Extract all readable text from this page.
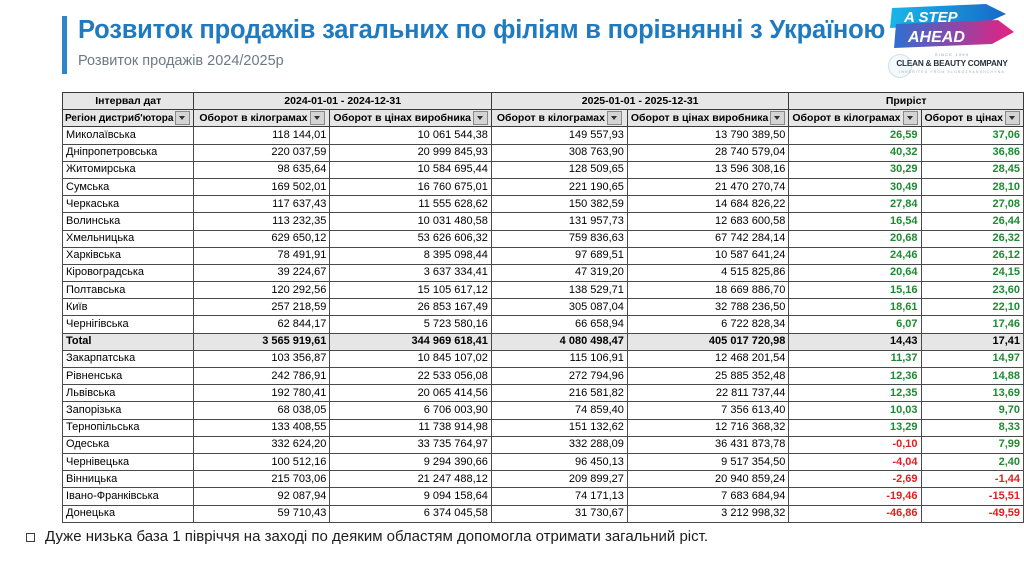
Розвиток продажів загальних по філіям в порівнянні з Україною
Розвиток продажів 2024/2025р
A STEP
AHEAD
SINCE 1999
CLEAN & BEAUTY COMPANY
INHERITED FROM SLOBOZHANSHCHYNA
Інтервал дат	2024-01-01 - 2024-12-31		2025-01-01 - 2025-12-31		Приріст	
Регіон дистриб'ютора	Оборот в кілограмах	Оборот в цінах виробника	Оборот в кілограмах	Оборот в цінах виробника	Оборот в кілограмах	Оборот в цінах
Миколаївська	118 144,01	10 061 544,38	149 557,93	13 790 389,50	26,59	37,06
Дніпропетровська	220 037,59	20 999 845,93	308 763,90	28 740 579,04	40,32	36,86
Житомирська	98 635,64	10 584 695,44	128 509,65	13 596 308,16	30,29	28,45
Сумська	169 502,01	16 760 675,01	221 190,65	21 470 270,74	30,49	28,10
Черкаська	117 637,43	11 555 628,62	150 382,59	14 684 826,22	27,84	27,08
Волинська	113 232,35	10 031 480,58	131 957,73	12 683 600,58	16,54	26,44
Хмельницька	629 650,12	53 626 606,32	759 836,63	67 742 284,14	20,68	26,32
Харківська	78 491,91	8 395 098,44	97 689,51	10 587 641,24	24,46	26,12
Кіровоградська	39 224,67	3 637 334,41	47 319,20	4 515 825,86	20,64	24,15
Полтавська	120 292,56	15 105 617,12	138 529,71	18 669 886,70	15,16	23,60
Київ	257 218,59	26 853 167,49	305 087,04	32 788 236,50	18,61	22,10
Чернігівська	62 844,17	5 723 580,16	66 658,94	6 722 828,34	6,07	17,46
Total	3 565 919,61	344 969 618,41	4 080 498,47	405 017 720,98	14,43	17,41
Закарпатська	103 356,87	10 845 107,02	115 106,91	12 468 201,54	11,37	14,97
Рівненська	242 786,91	22 533 056,08	272 794,96	25 885 352,48	12,36	14,88
Львівська	192 780,41	20 065 414,56	216 581,82	22 811 737,44	12,35	13,69
Запорізька	68 038,05	6 706 003,90	74 859,40	7 356 613,40	10,03	9,70
Тернопільська	133 408,55	11 738 914,98	151 132,62	12 716 368,32	13,29	8,33
Одеська	332 624,20	33 735 764,97	332 288,09	36 431 873,78	-0,10	7,99
Чернівецька	100 512,16	9 294 390,66	96 450,13	9 517 354,50	-4,04	2,40
Вінницька	215 703,06	21 247 488,12	209 899,27	20 940 859,24	-2,69	-1,44
Івано-Франківська	92 087,94	9 094 158,64	74 171,13	7 683 684,94	-19,46	-15,51
Донецька	59 710,43	6 374 045,58	31 730,67	3 212 998,32	-46,86	-49,59
Дуже низька база 1 півріччя на заході по деяким областям допомогла отримати загальний ріст.
